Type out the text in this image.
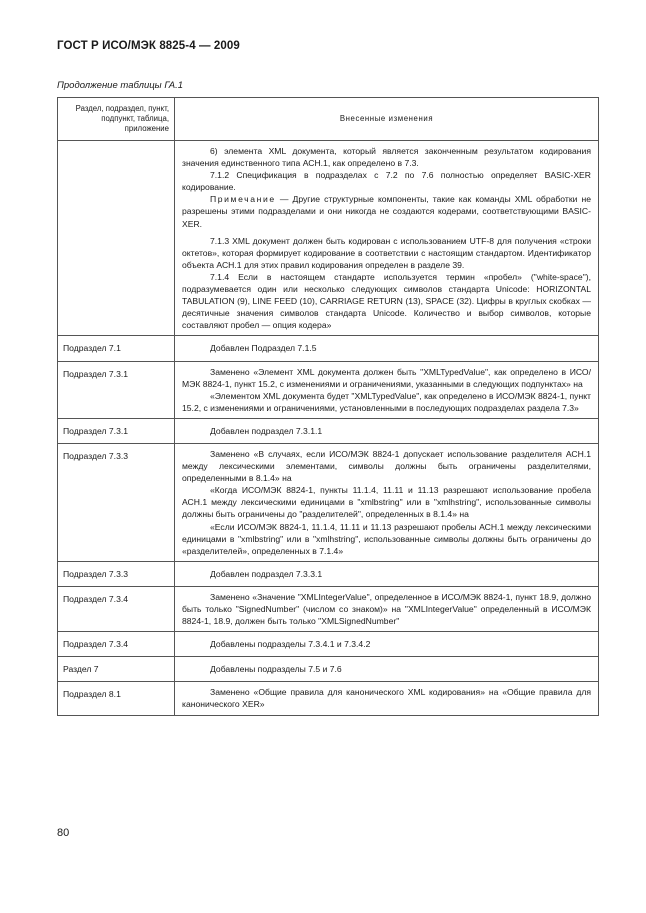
ГОСТ Р ИСО/МЭК 8825-4 — 2009
Продолжение таблицы ГА.1
Раздел, подраздел, пункт, подпункт, таблица, приложение	Внесенные изменения

	6) элемента XML документа, который является законченным результатом кодирования значения единственного типа АСН.1, как определено в 7.3.

7.1.2 Спецификация в подразделах с 7.2 по 7.6 полностью определяет BASIC-XER кодирование.

Примечание — Другие структурные компоненты, такие как команды XML обработки не разрешены этими подразделами и они никогда не создаются кодерами, соответствующими BASIC-XER.

7.1.3 XML документ должен быть кодирован с использованием UTF-8 для получения «строки октетов», которая формирует кодирование в соответствии с настоящим стандартом. Идентификатор объекта АСН.1 для этих правил кодирования определен в разделе 39.

7.1.4 Если в настоящем стандарте используется термин «пробел» ("white-space"), подразумевается один или несколько следующих символов стандарта Unicode: HORIZONTAL TABULATION (9), LINE FEED (10), CARRIAGE RETURN (13), SPACE (32). Цифры в круглых скобках — десятичные значения символов стандарта Unicode. Количество и выбор символов, которые составляют пробел — опция кодера»

Подраздел 7.1	Добавлен Подраздел 7.1.5

Подраздел 7.3.1	Заменено «Элемент XML документа должен быть "XMLTypedValue", как определено в ИСО/МЭК 8824-1, пункт 15.2, с изменениями и ограничениями, указанными в следующих подпунктах» на

«Элементом XML документа будет "XMLTypedValue", как определено в ИСО/МЭК 8824-1, пункт 15.2, с изменениями и ограничениями, установленными в последующих подразделах раздела 7.3»

Подраздел 7.3.1	Добавлен подраздел 7.3.1.1

Подраздел 7.3.3	Заменено «В случаях, если ИСО/МЭК 8824-1 допускает использование разделителя АСН.1 между лексическими элементами, символы должны быть ограничены разделителями, определенными в 8.1.4» на

«Когда ИСО/МЭК 8824-1, пункты 11.1.4, 11.11 и 11.13 разрешают использование пробела АСН.1 между лексическими единицами в "xmlbstring" или в "xmlhstring", использованные символы должны быть ограничены до "разделителей", определенных в 8.1.4» на

«Если ИСО/МЭК 8824-1, 11.1.4, 11.11 и 11.13 разрешают пробелы АСН.1 между лексическими единицами в "xmlbstring" или в "xmlhstring", использованные символы должны быть ограничены до «разделителей», определенных в 7.1.4»

Подраздел 7.3.3	Добавлен подраздел 7.3.3.1

Подраздел 7.3.4	Заменено «Значение "XMLIntegerValue", определенное в ИСО/МЭК 8824-1, пункт 18.9, должно быть только "SignedNumber" (числом со знаком)» на "XMLIntegerValue" определенный в ИСО/МЭК 8824-1, 18.9, должен быть только "XMLSignedNumber"

Подраздел 7.3.4	Добавлены подразделы 7.3.4.1 и 7.3.4.2

Раздел 7	Добавлены подразделы 7.5 и 7.6

Подраздел 8.1	Заменено «Общие правила для канонического XML кодирования» на «Общие правила для канонического XER»

80
